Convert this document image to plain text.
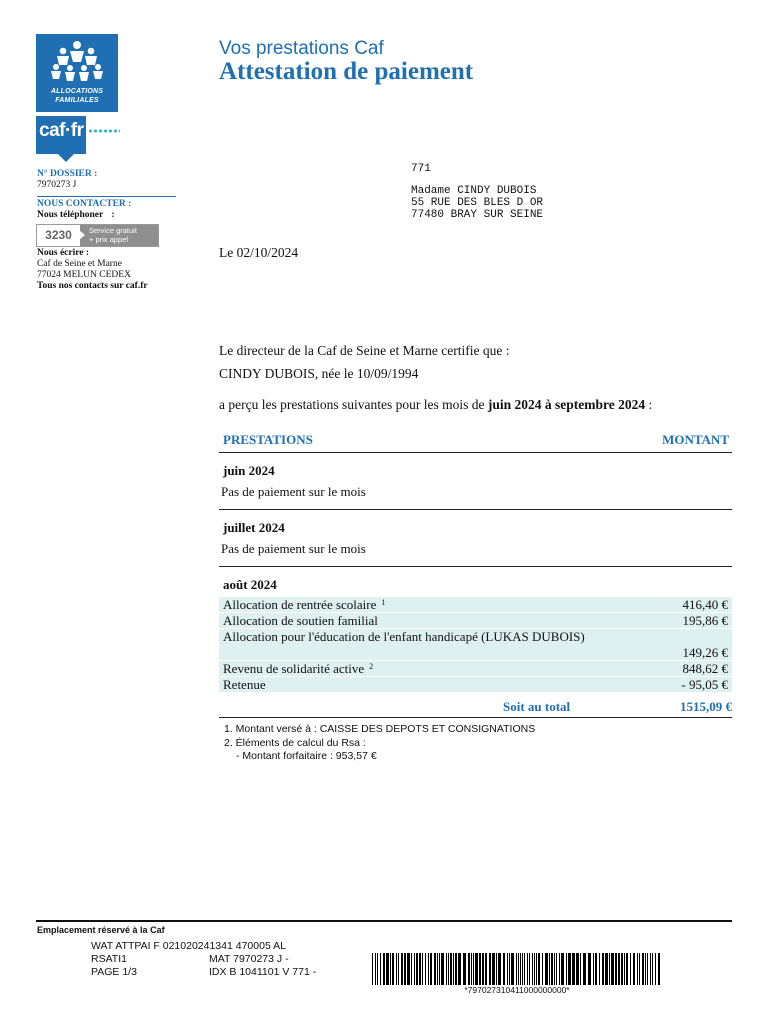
ALLOCATIONS
FAMILIALES
caf·fr
Vos prestations Caf
Attestation de paiement
N° DOSSIER :
7970273 J
NOUS CONTACTER :
Nous téléphoner :
3230	Service gratuit
+ prix appel
Nous écrire :
Caf de Seine et Marne
77024 MELUN CEDEX
Tous nos contacts sur caf.fr
771
Madame CINDY DUBOIS
55 RUE DES BLES D OR
77480 BRAY SUR SEINE
Le 02/10/2024
Le directeur de la Caf de Seine et Marne certifie que :
CINDY DUBOIS, née le 10/09/1994
a perçu les prestations suivantes pour les mois de juin 2024 à septembre 2024 :
PRESTATIONS	MONTANT
juin 2024
Pas de paiement sur le mois
juillet 2024
Pas de paiement sur le mois
août 2024
Allocation de rentrée scolaire $^1$	416,40 €
Allocation de soutien familial	195,86 €
Allocation pour l'éducation de l'enfant handicapé (LUKAS DUBOIS)
149,26 €
Revenu de solidarité active $^2$	848,62 €
Retenue	- 95,05 €
Soit au total	1515,09 €
1. Montant versé à : CAISSE DES DEPOTS ET CONSIGNATIONS
2. Éléments de calcul du Rsa :
- Montant forfaitaire : 953,57 €
Emplacement réservé à la Caf
WAT ATTPAI F 021020241341 470005 AL
RSATI1	MAT 7970273 J -
PAGE 1/3	IDX B 1041101 V 771 -
*797027310411000000000*
